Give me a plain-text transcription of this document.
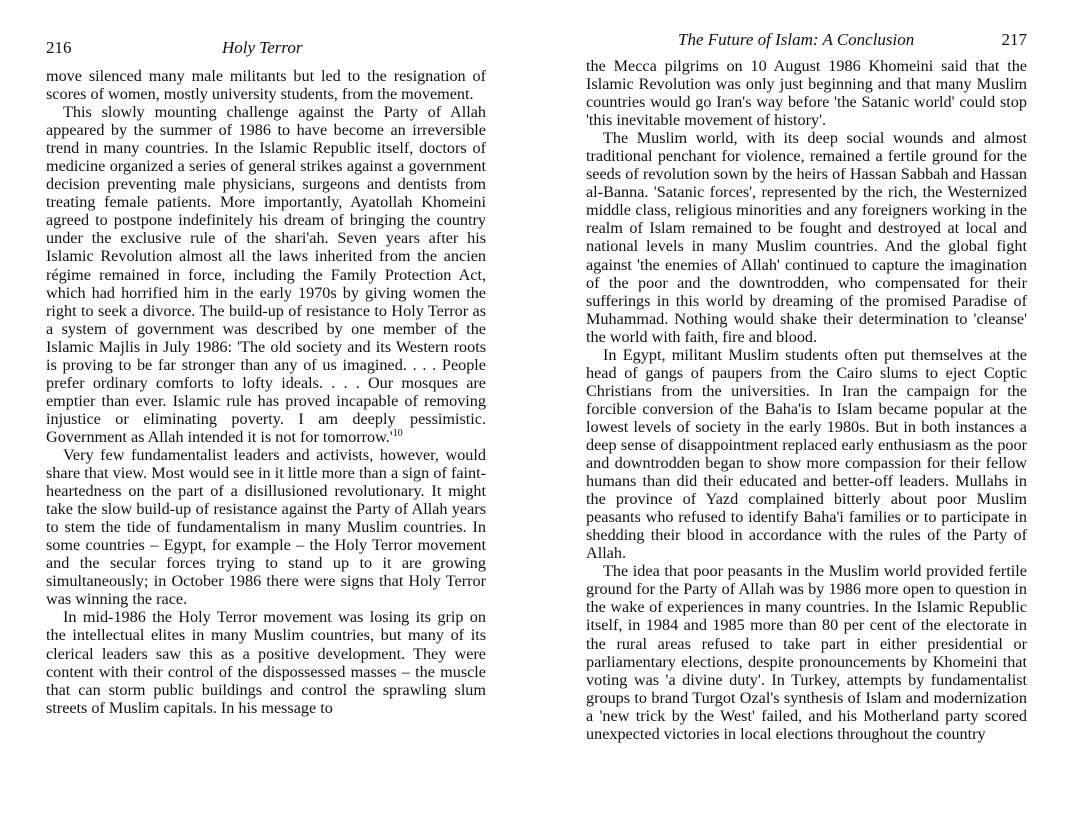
216	Holy Terror

move silenced many male militants but led to the resignation of scores of women, mostly university students, from the movement.

This slowly mounting challenge against the Party of Allah appeared by the summer of 1986 to have become an irreversible trend in many countries. In the Islamic Republic itself, doctors of medicine organized a series of general strikes against a government decision preventing male physicians, surgeons and dentists from treating female patients. More importantly, Ayatollah Khomeini agreed to postpone indefinitely his dream of bringing the country under the exclusive rule of the shari'ah. Seven years after his Islamic Revolution almost all the laws inherited from the ancien régime remained in force, including the Family Protection Act, which had horrified him in the early 1970s by giving women the right to seek a divorce. The build-up of resistance to Holy Terror as a system of government was described by one member of the Islamic Majlis in July 1986: 'The old society and its Western roots is proving to be far stronger than any of us imagined. . . . People prefer ordinary comforts to lofty ideals. . . . Our mosques are emptier than ever. Islamic rule has proved incapable of removing injustice or eliminating poverty. I am deeply pessimistic. Government as Allah intended it is not for $tomorrow.'^{10}$

Very few fundamentalist leaders and activists, however, would share that view. Most would see in it little more than a sign of faint-heartedness on the part of a disillusioned revolutionary. It might take the slow build-up of resistance against the Party of Allah years to stem the tide of fundamentalism in many Muslim countries. In some countries – Egypt, for example – the Holy Terror movement and the secular forces trying to stand up to it are growing simultaneously; in October 1986 there were signs that Holy Terror was winning the race.

In mid-1986 the Holy Terror movement was losing its grip on the intellectual elites in many Muslim countries, but many of its clerical leaders saw this as a positive development. They were content with their control of the dispossessed masses – the muscle that can storm public buildings and control the sprawling slum streets of Muslim capitals. In his message to

The Future of Islam: A Conclusion	217

the Mecca pilgrims on 10 August 1986 Khomeini said that the Islamic Revolution was only just beginning and that many Muslim countries would go Iran's way before 'the Satanic world' could stop 'this inevitable movement of history'.

The Muslim world, with its deep social wounds and almost traditional penchant for violence, remained a fertile ground for the seeds of revolution sown by the heirs of Hassan Sabbah and Hassan al-Banna. 'Satanic forces', represented by the rich, the Westernized middle class, religious minorities and any foreigners working in the realm of Islam remained to be fought and destroyed at local and national levels in many Muslim countries. And the global fight against 'the enemies of Allah' continued to capture the imagination of the poor and the downtrodden, who compensated for their sufferings in this world by dreaming of the promised Paradise of Muhammad. Nothing would shake their determination to 'cleanse' the world with faith, fire and blood.

In Egypt, militant Muslim students often put themselves at the head of gangs of paupers from the Cairo slums to eject Coptic Christians from the universities. In Iran the campaign for the forcible conversion of the Baha'is to Islam became popular at the lowest levels of society in the early 1980s. But in both instances a deep sense of disappointment replaced early enthusiasm as the poor and downtrodden began to show more compassion for their fellow humans than did their educated and better-off leaders. Mullahs in the province of Yazd complained bitterly about poor Muslim peasants who refused to identify Baha'i families or to participate in shedding their blood in accordance with the rules of the Party of Allah.

The idea that poor peasants in the Muslim world provided fertile ground for the Party of Allah was by 1986 more open to question in the wake of experiences in many countries. In the Islamic Republic itself, in 1984 and 1985 more than 80 per cent of the electorate in the rural areas refused to take part in either presidential or parliamentary elections, despite pronouncements by Khomeini that voting was 'a divine duty'. In Turkey, attempts by fundamentalist groups to brand Turgot Ozal's synthesis of Islam and modernization a 'new trick by the West' failed, and his Motherland party scored unexpected victories in local elections throughout the country
